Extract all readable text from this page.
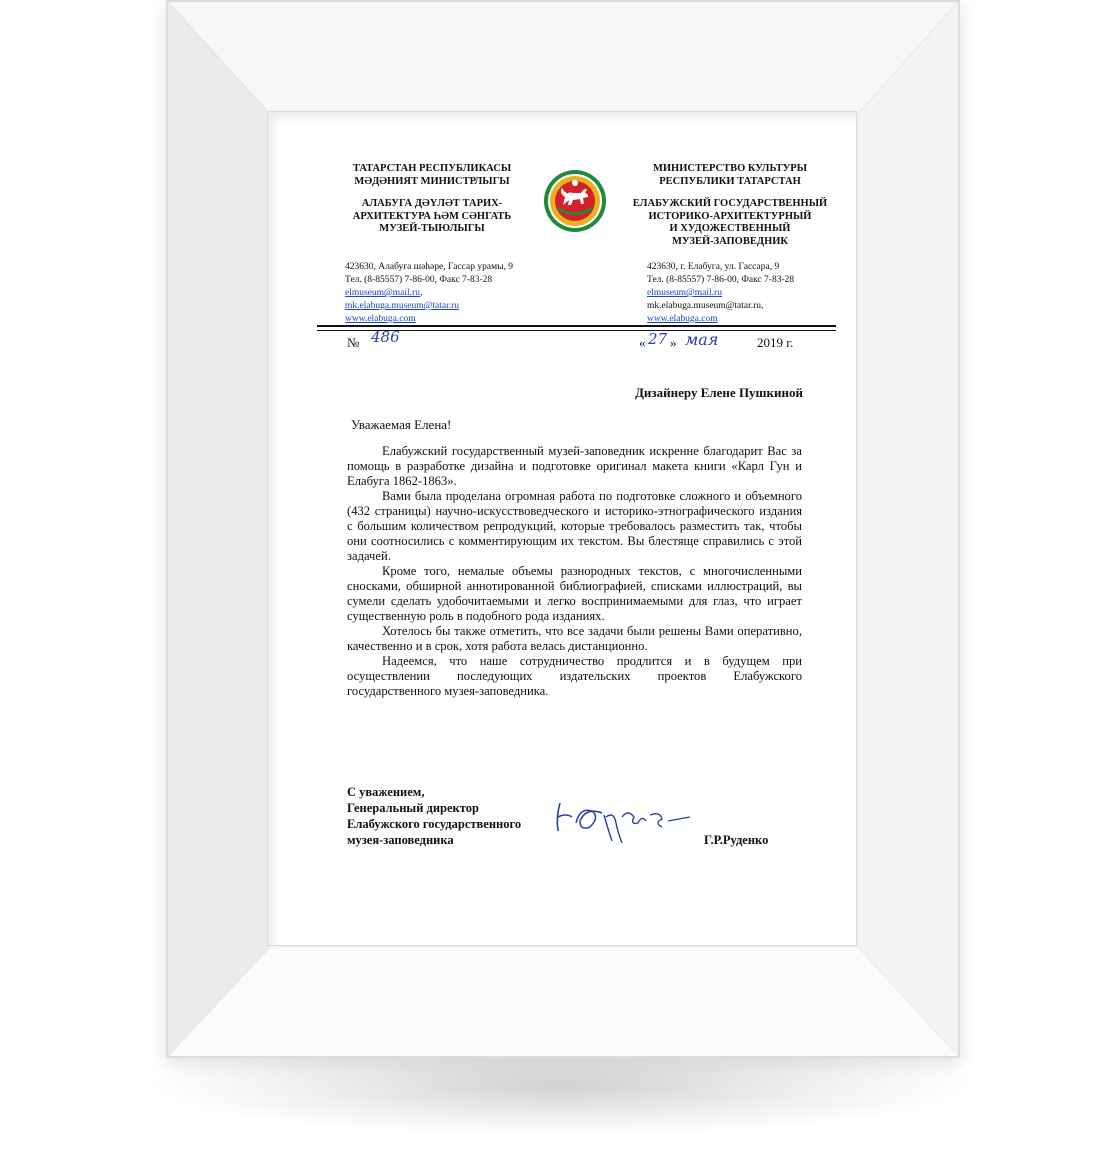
ТАТАРСТАН РЕСПУБЛИКАСЫ
МӘДӘНИЯТ МИНИСТРЛЫГЫ
АЛАБУГА ДӘҮЛӘТ ТАРИХ-
АРХИТЕКТУРА ҺӘМ СӘНГАТЬ
МУЗЕЙ-ТЫЮЛЫГЫ
МИНИСТЕРСТВО КУЛЬТУРЫ
РЕСПУБЛИКИ ТАТАРСТАН
ЕЛАБУЖСКИЙ ГОСУДАРСТВЕННЫЙ
ИСТОРИКО-АРХИТЕКТУРНЫЙ
И ХУДОЖЕСТВЕННЫЙ
МУЗЕЙ-ЗАПОВЕДНИК
423630, Алабуга шәһәре, Гассар урамы, 9
Тел. (8-85557) 7-86-00, Факс 7-83-28
elmuseum@mail.ru,
mk.elabuga.museum@tatar.ru
www.elabuga.com
423630, г. Елабуга, ул. Гассара, 9
Тел. (8-85557) 7-86-00, Факс 7-83-28
elmuseum@mail.ru
mk.elabuga.museum@tatar.ru,
www.elabuga.com
№ 486	« 27 » мая	2019 г.
Дизайнеру Елене Пушкиной
Уважаемая Елена!

Елабужский государственный музей-заповедник искренне благодарит Вас за помощь в разработке дизайна и подготовке оригинал макета книги «Карл Гун и Елабуга 1862-1863».

Вами была проделана огромная работа по подготовке сложного и объемного (432 страницы) научно-искусствоведческого и историко-этнографического издания с большим количеством репродукций, которые требовалось разместить так, чтобы они соотносились с комментирующим их текстом. Вы блестяще справились с этой задачей.

Кроме того, немалые объемы разнородных текстов, с многочисленными сносками, обширной аннотированной библиографией, списками иллюстраций, вы сумели сделать удобочитаемыми и легко воспринимаемыми для глаз, что играет существенную роль в подобного рода изданиях.

Хотелось бы также отметить, что все задачи были решены Вами оперативно, качественно и в срок, хотя работа велась дистанционно.

Надеемся, что наше сотрудничество продлится и в будущем при осуществлении последующих издательских проектов Елабужского государственного музея-заповедника.

С уважением,
Генеральный директор
Елабужского государственного
музея-заповедника	Г.Р.Руденко
